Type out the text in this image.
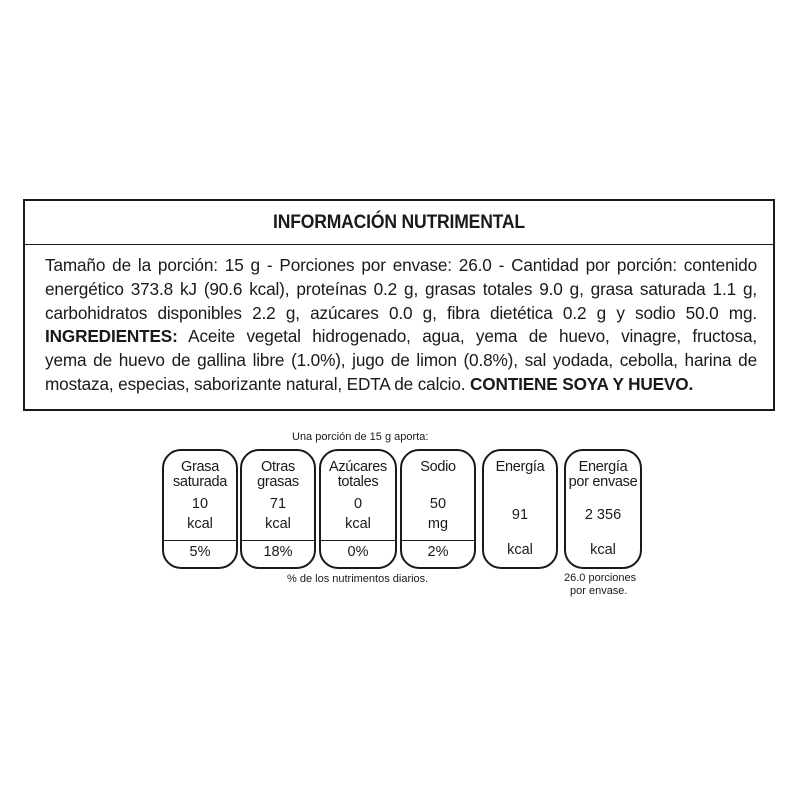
INFORMACIÓN NUTRIMENTAL
Tamaño de la porción: 15 g - Porciones por envase: 26.0 - Cantidad por porción: contenido
energético 373.8 kJ (90.6 kcal), proteínas 0.2 g, grasas totales 9.0 g, grasa saturada 1.1 g,
carbohidratos disponibles 2.2 g, azúcares 0.0 g, fibra dietética 0.2 g y sodio 50.0 mg.
INGREDIENTES: Aceite vegetal hidrogenado, agua, yema de huevo, vinagre, fructosa,
yema de huevo de gallina libre (1.0%), jugo de limon (0.8%), sal yodada, cebolla, harina de
mostaza, especias, saborizante natural, EDTA de calcio. CONTIENE SOYA Y HUEVO.
Una porción de 15 g aporta:
% de los nutrimentos diarios.	26.0 porciones
por envase.
Grasa
saturada
10
kcal
5%
Otras
grasas
71
kcal
18%
Azúcares
totales
0
kcal
0%
Sodio
50
mg
2%
Energía
91
kcal
Energía
por envase
2 356
kcal
